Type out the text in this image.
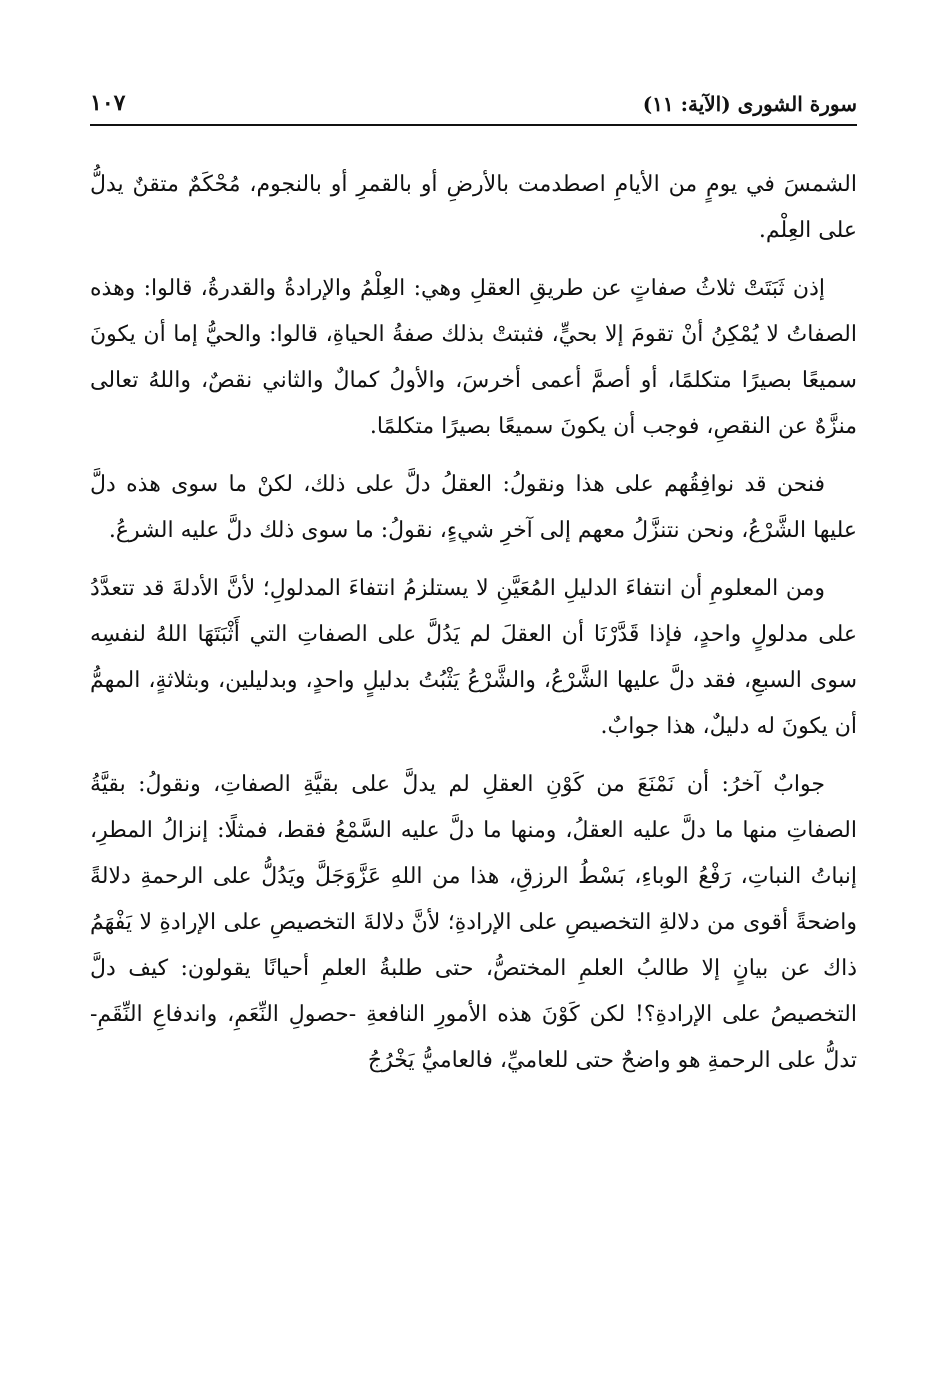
سورة الشورى (الآية: ١١)
١٠٧

الشمسَ في يومٍ من الأيامِ اصطدمت بالأرضِ أو بالقمرِ أو بالنجوم، مُحْكَمٌ متقنٌ يدلُّ على العِلْم.

إذن ثَبَتَتْ ثلاثُ صفاتٍ عن طريقِ العقلِ وهي: العِلْمُ والإرادةُ والقدرةُ، قالوا: وهذه الصفاتُ لا يُمْكِنُ أنْ تقومَ إلا بحيٍّ، فثبتتْ بذلك صفةُ الحياةِ، قالوا: والحيُّ إما أن يكونَ سميعًا بصيرًا متكلمًا، أو أصمَّ أعمى أخرسَ، والأولُ كمالٌ والثاني نقصٌ، واللهُ تعالى منزَّهٌ عن النقصِ، فوجب أن يكونَ سميعًا بصيرًا متكلمًا.

فنحن قد نوافِقُهم على هذا ونقولُ: العقلُ دلَّ على ذلك، لكنْ ما سوى هذه دلَّ عليها الشَّرْعُ، ونحن نتنزَّلُ معهم إلى آخرِ شيءٍ، نقولُ: ما سوى ذلك دلَّ عليه الشرعُ.

ومن المعلومِ أن انتفاءَ الدليلِ المُعَيَّنِ لا يستلزمُ انتفاءَ المدلولِ؛ لأنَّ الأدلةَ قد تتعدَّدُ على مدلولٍ واحدٍ، فإذا قَدَّرْنَا أن العقلَ لم يَدُلَّ على الصفاتِ التي أَثْبَتَهَا اللهُ لنفسِه سوى السبعِ، فقد دلَّ عليها الشَّرْعُ، والشَّرْعُ يَثْبُتُ بدليلٍ واحدٍ، وبدليلين، وبثلاثةٍ، المهمُّ أن يكونَ له دليلٌ، هذا جوابٌ.

جوابٌ آخرُ: أن نَمْنَعَ من كَوْنِ العقلِ لم يدلَّ على بقيَّةِ الصفاتِ، ونقولُ: بقيَّةُ الصفاتِ منها ما دلَّ عليه العقلُ، ومنها ما دلَّ عليه السَّمْعُ فقط، فمثلًا: إنزالُ المطرِ، إنباتُ النباتِ، رَفْعُ الوباءِ، بَسْطُ الرزقِ، هذا من اللهِ عَزَّوَجَلَّ ويَدُلُّ على الرحمةِ دلالةً واضحةً أقوى من دلالةِ التخصيصِ على الإرادةِ؛ لأنَّ دلالةَ التخصيصِ على الإرادةِ لا يَفْهَمُ ذاك عن بيانٍ إلا طالبُ العلمِ المختصُّ، حتى طلبةُ العلمِ أحيانًا يقولون: كيف دلَّ التخصيصُ على الإرادةِ؟! لكن كَوْنَ هذه الأمورِ النافعةِ -حصولِ النِّعَمِ، واندفاعِ النِّقَمِ- تدلُّ على الرحمةِ هو واضحٌ حتى للعاميِّ، فالعاميُّ يَخْرُجُ
